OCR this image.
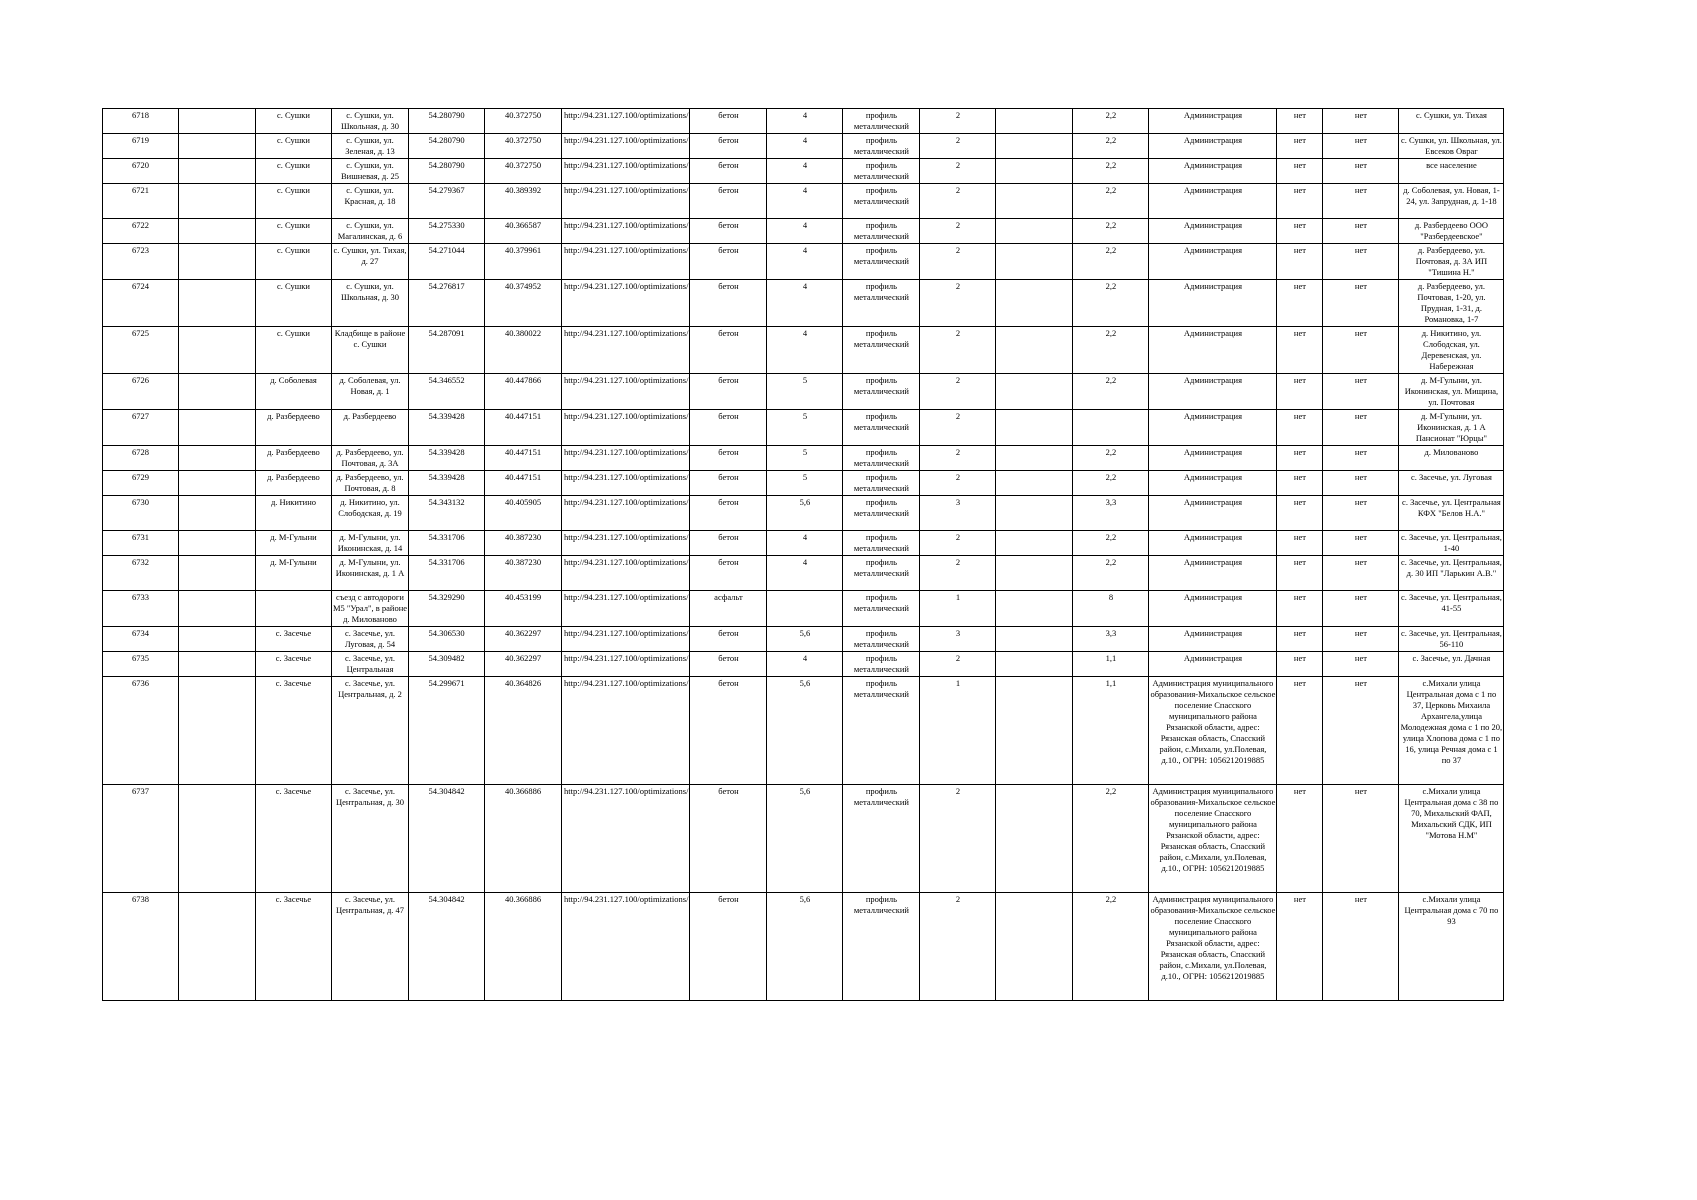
6718		с. Сушки	с. Сушки, ул. Школьная, д. 30	54.280790	40.372750	http://94.231.127.100/optimizations/	бетон	4	профиль металлический	2		2,2	Администрация	нет	нет	с. Сушки, ул. Тихая
6719		с. Сушки	с. Сушки, ул. Зеленая, д. 13	54.280790	40.372750	http://94.231.127.100/optimizations/	бетон	4	профиль металлический	2		2,2	Администрация	нет	нет	с. Сушки, ул. Школьная, ул. Евсеков Овраг
6720		с. Сушки	с. Сушки, ул. Вишневая, д. 25	54.280790	40.372750	http://94.231.127.100/optimizations/	бетон	4	профиль металлический	2		2,2	Администрация	нет	нет	все население
6721		с. Сушки	с. Сушки, ул. Красная, д. 18	54.279367	40.389392	http://94.231.127.100/optimizations/	бетон	4	профиль металлический	2		2,2	Администрация	нет	нет	д. Соболевая, ул. Новая, 1-24, ул. Запрудная, д. 1-18
6722		с. Сушки	с. Сушки, ул. Магалинская, д. 6	54.275330	40.366587	http://94.231.127.100/optimizations/	бетон	4	профиль металлический	2		2,2	Администрация	нет	нет	д. Разбердеево ООО "Разбердеевское"
6723		с. Сушки	с. Сушки, ул. Тихая, д. 27	54.271044	40.379961	http://94.231.127.100/optimizations/	бетон	4	профиль металлический	2		2,2	Администрация	нет	нет	д. Разбердеево, ул. Почтовая, д. 3А ИП "Тишина Н."
6724		с. Сушки	с. Сушки, ул. Школьная, д. 30	54.276817	40.374952	http://94.231.127.100/optimizations/	бетон	4	профиль металлический	2		2,2	Администрация	нет	нет	д. Разбердеево, ул. Почтовая, 1-20, ул. Прудная, 1-31, д. Романовка, 1-7
6725		с. Сушки	Кладбище в районе с. Сушки	54.287091	40.380022	http://94.231.127.100/optimizations/	бетон	4	профиль металлический	2		2,2	Администрация	нет	нет	д. Никитино, ул. Слободская, ул. Деревенская, ул. Набережная
6726		д. Соболевая	д. Соболевая, ул. Новая, д. 1	54.346552	40.447866	http://94.231.127.100/optimizations/	бетон	5	профиль металлический	2		2,2	Администрация	нет	нет	д. М-Гулыни, ул. Иконинская, ул. Мищина, ул. Почтовая
6727		д. Разбердеево	д. Разбердеево	54.339428	40.447151	http://94.231.127.100/optimizations/	бетон	5	профиль металлический	2			Администрация	нет	нет	д. М-Гулыни, ул. Иконинская, д. 1 А Пансионат "Юрцы"
6728		д. Разбердеево	д. Разбердеево, ул. Почтовая, д. 3А	54.339428	40.447151	http://94.231.127.100/optimizations/	бетон	5	профиль металлический	2		2,2	Администрация	нет	нет	д. Милованово
6729		д. Разбердеево	д. Разбердеево, ул. Почтовая, д. 8	54.339428	40.447151	http://94.231.127.100/optimizations/	бетон	5	профиль металлический	2		2,2	Администрация	нет	нет	с. Засечье, ул. Луговая
6730		д. Никитино	д. Никитино, ул. Слободская, д. 19	54.343132	40.405905	http://94.231.127.100/optimizations/	бетон	5,6	профиль металлический	3		3,3	Администрация	нет	нет	с. Засечье, ул. Центральная КФХ "Белов Н.А."
6731		д. М-Гулыни	д. М-Гулыни, ул. Иконинская, д. 14	54.331706	40.387230	http://94.231.127.100/optimizations/	бетон	4	профиль металлический	2		2,2	Администрация	нет	нет	с. Засечье, ул. Центральная, 1-40
6732		д. М-Гулыни	д. М-Гулыни, ул. Иконинская, д. 1 А	54.331706	40.387230	http://94.231.127.100/optimizations/	бетон	4	профиль металлический	2		2,2	Администрация	нет	нет	с. Засечье, ул. Центральная, д. 30 ИП "Ларькин А.В."
6733			съезд с автодороги М5 "Урал", в районе д. Милованово	54.329290	40.453199	http://94.231.127.100/optimizations/	асфальт		профиль металлический	1		8	Администрация	нет	нет	с. Засечье, ул. Центральная, 41-55
6734		с. Засечье	с. Засечье, ул. Луговая, д. 54	54.306530	40.362297	http://94.231.127.100/optimizations/	бетон	5,6	профиль металлический	3		3,3	Администрация	нет	нет	с. Засечье, ул. Центральная, 56-110
6735		с. Засечье	с. Засечье, ул. Центральная	54.309482	40.362297	http://94.231.127.100/optimizations/	бетон	4	профиль металлический	2		1,1	Администрация	нет	нет	с. Засечье, ул. Дачная
6736		с. Засечье	с. Засечье, ул. Центральная, д. 2	54.299671	40.364826	http://94.231.127.100/optimizations/	бетон	5,6	профиль металлический	1		1,1	Администрация муниципального образования-Михальское сельское поселение Спасского муниципального района Рязанской области, адрес: Рязанская область, Спасский район, с.Михали, ул.Полевая, д.10., ОГРН: 1056212019885	нет	нет	с.Михали улица Центральная дома с 1 по 37, Церковь Михаила Архангела,улица Молодежная дома с 1 по 20, улица Хлопова дома с 1 по 16, улица Речная дома с 1 по 37
6737		с. Засечье	с. Засечье, ул. Центральная, д. 30	54.304842	40.366886	http://94.231.127.100/optimizations/	бетон	5,6	профиль металлический	2		2,2	Администрация муниципального образования-Михальское сельское поселение Спасского муниципального района Рязанской области, адрес: Рязанская область, Спасский район, с.Михали, ул.Полевая, д.10., ОГРН: 1056212019885	нет	нет	с.Михали улица Центральная дома с 38 по 70, Михальский ФАП, Михальский СДК, ИП "Мотова Н.М"
6738		с. Засечье	с. Засечье, ул. Центральная, д. 47	54.304842	40.366886	http://94.231.127.100/optimizations/	бетон	5,6	профиль металлический	2		2,2	Администрация муниципального образования-Михальское сельское поселение Спасского муниципального района Рязанской области, адрес: Рязанская область, Спасский район, с.Михали, ул.Полевая, д.10., ОГРН: 1056212019885	нет	нет	с.Михали улица Центральная дома с 70 по 93
